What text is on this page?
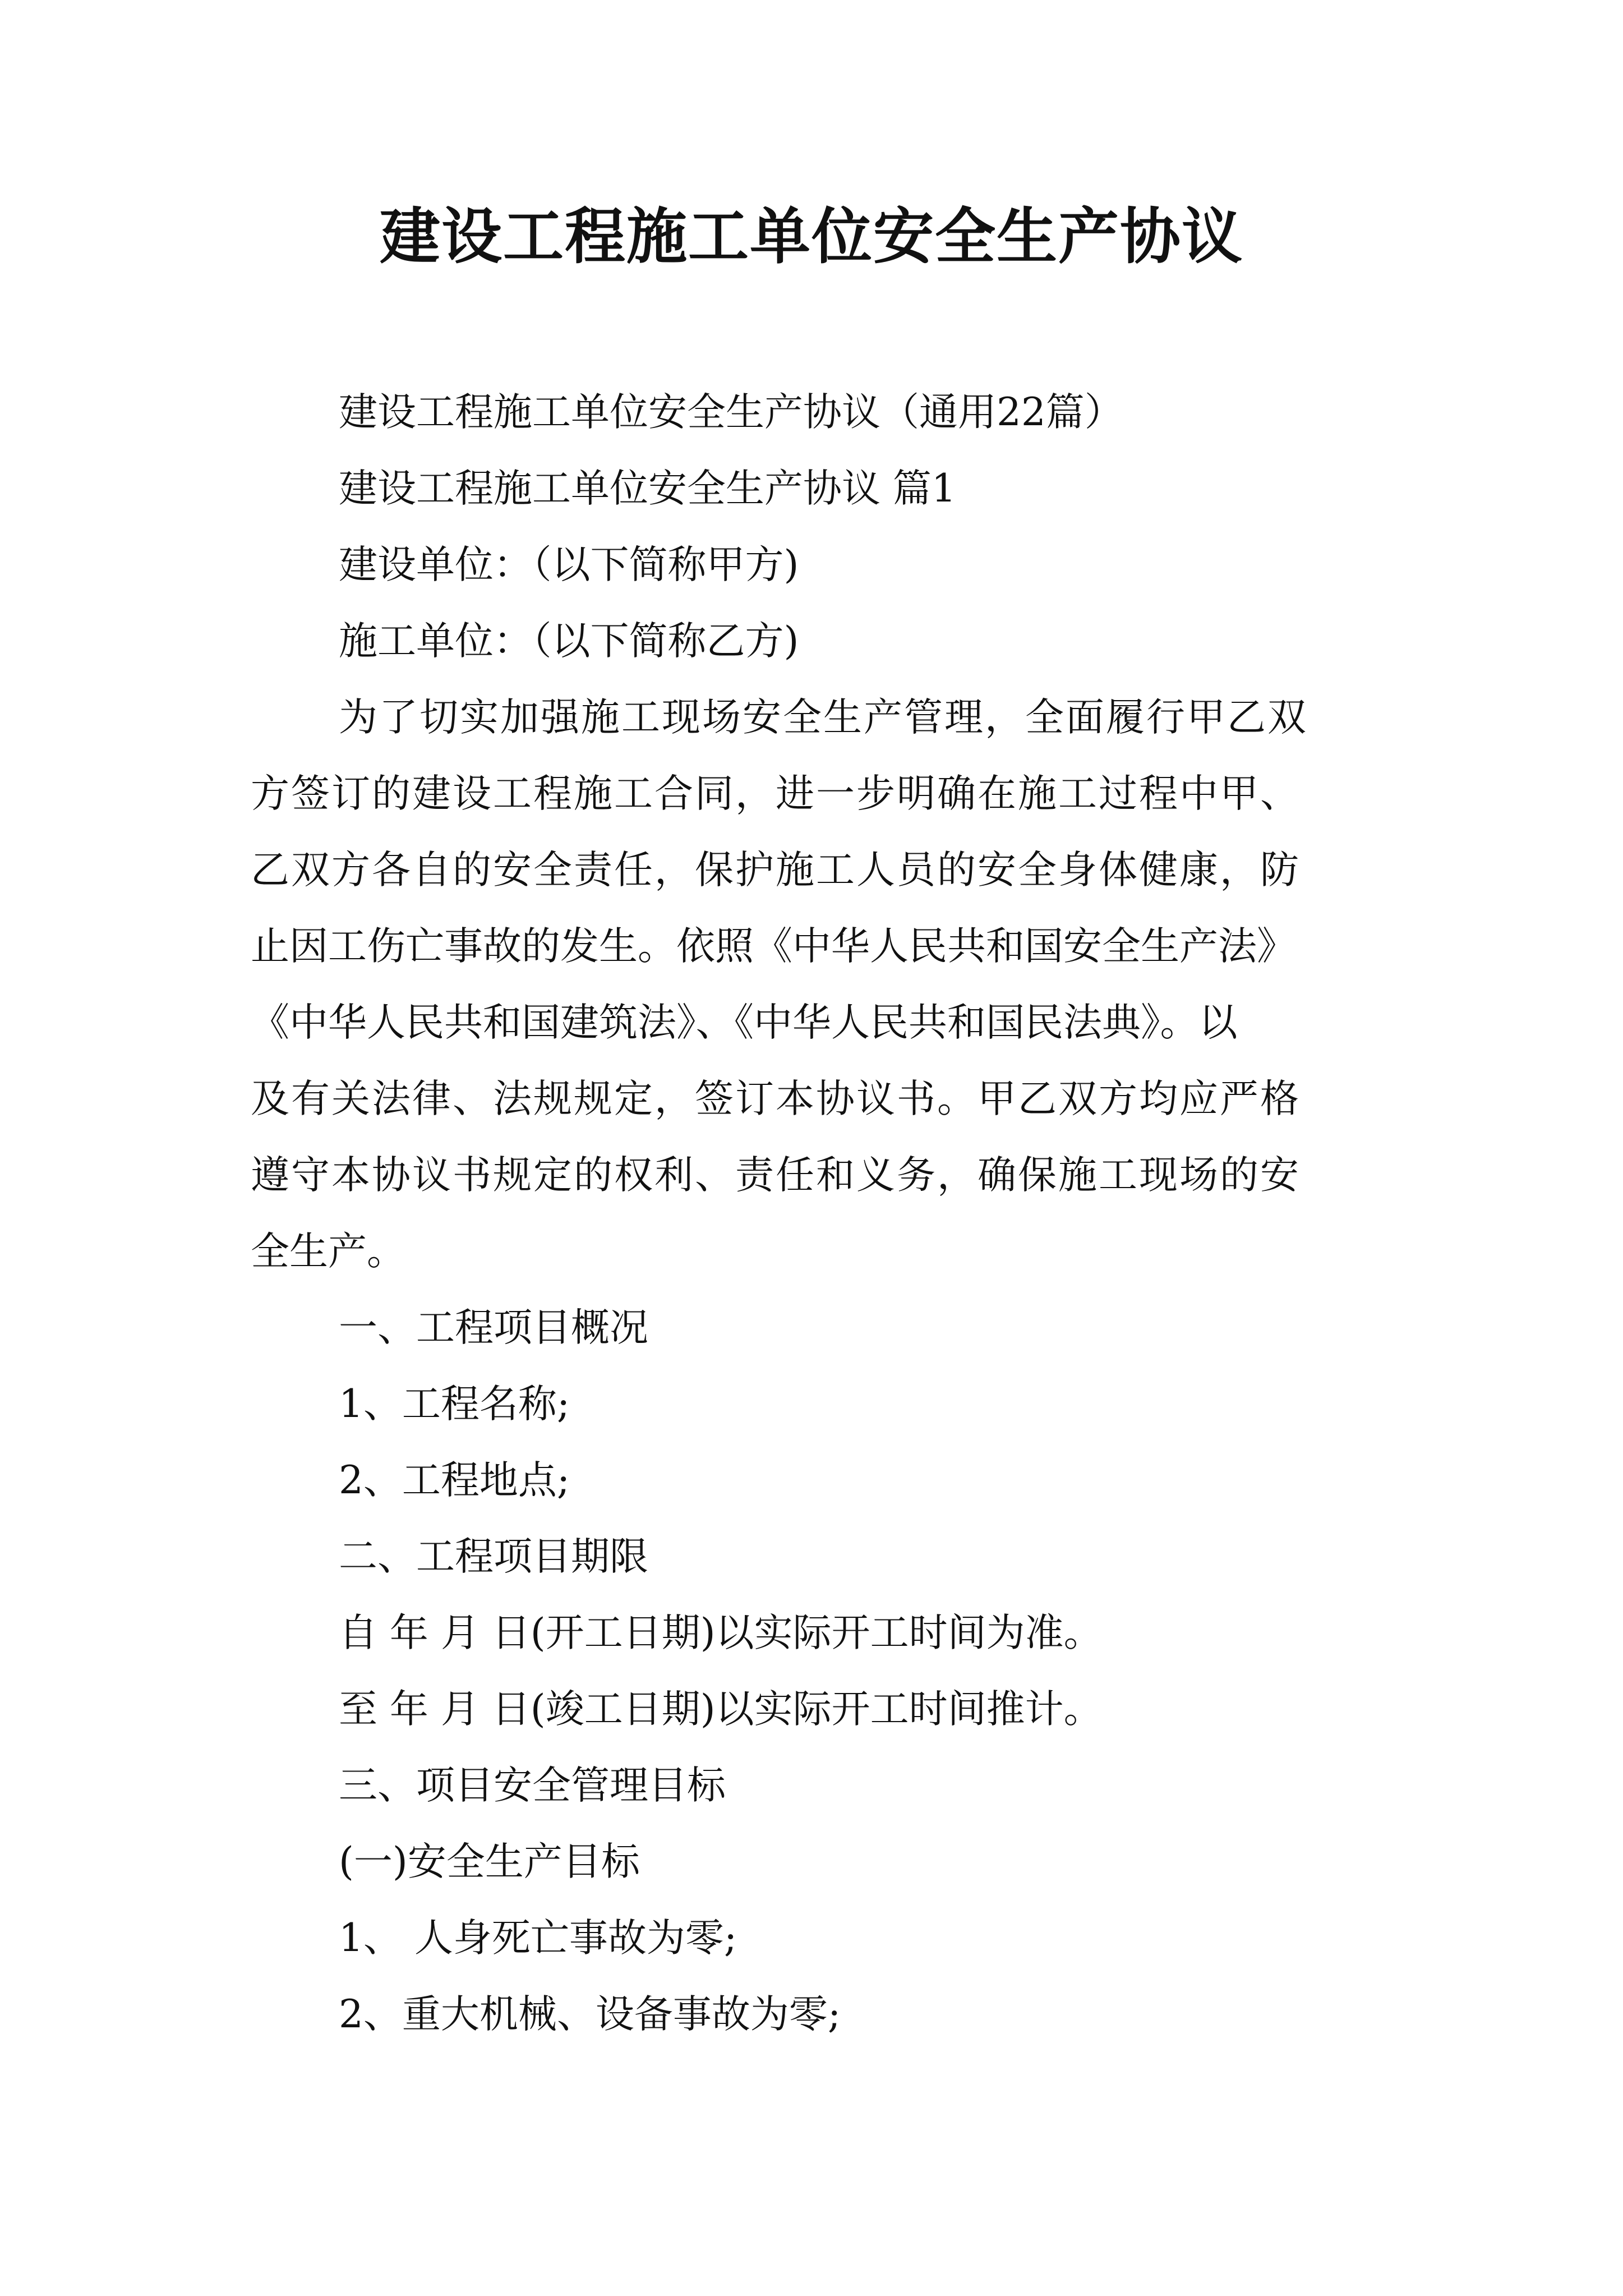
建设工程施工单位安全生产协议

建设工程施工单位安全生产协议（通用22篇）

建设工程施工单位安全生产协议 篇1

建设单位：（以下简称甲方)

施工单位：（以下简称乙方)

为了切实加强施工现场安全生产管理，全面履行甲乙双

方签订的建设工程施工合同，进一步明确在施工过程中甲、

乙双方各自的安全责任，保护施工人员的安全身体健康，防

止因工伤亡事故的发生。依照《中华人民共和国安全生产法》

《中华人民共和国建筑法》、《中华人民共和国民法典》。以

及有关法律、法规规定，签订本协议书。甲乙双方均应严格

遵守本协议书规定的权利、责任和义务，确保施工现场的安

全生产。

一、工程项目概况

1、工程名称;

2、工程地点;

二、工程项目期限

自 年 月 日(开工日期)以实际开工时间为准。

至 年 月 日(竣工日期)以实际开工时间推计。

三、项目安全管理目标

(一)安全生产目标

1、 人身死亡事故为零;

2、重大机械、设备事故为零;
